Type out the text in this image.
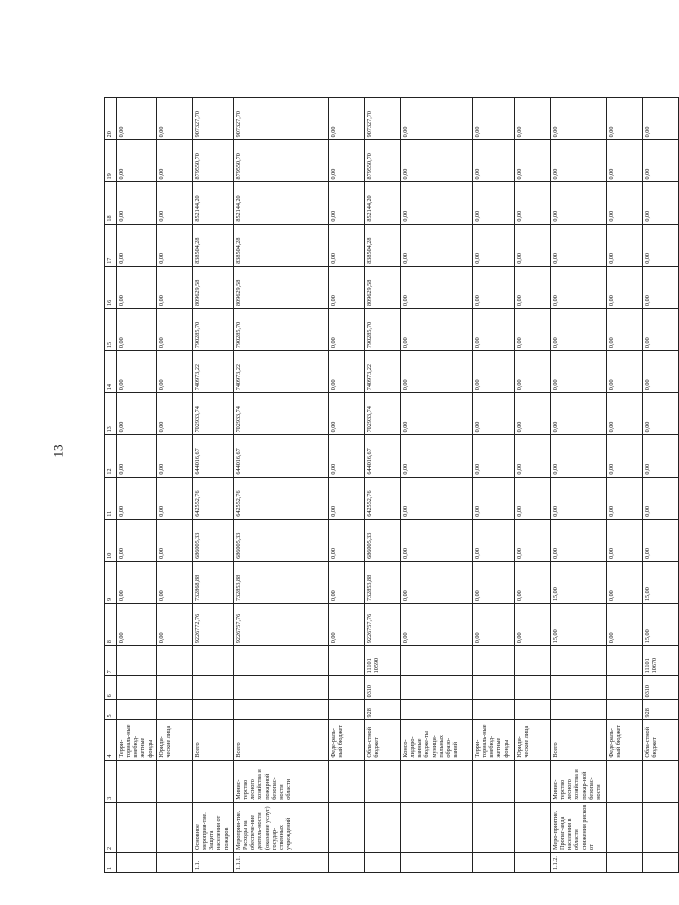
13
1	2	3	4	5	6	7	8	9	10	11	12	13	14	15	16	17	18	19	20
			Терри-ториаль-ные внебюд-жетные фонды				0,00	0,00	0,00	0,00	0,00	0,00	0,00	0,00	0,00	0,00	0,00	0,00	0,00
			Юриди-ческие лица				0,00	0,00	0,00	0,00	0,00	0,00	0,00	0,00	0,00	0,00	0,00	0,00	0,00
1.1.	Основное мероприя-тие. Защита населения от пожаров		Всего				9226772,76	732868,88	686005,33	642552,76	644016,67	702933,74	740973,22	790285,70	809629,58	838504,28	852144,20	879550,70	907327,70
1.1.1.	Мероприя-тие. Расходы на обеспече-ние деятель-ности (оказание услуг) государ-ственных учреждений	Минис-терство лесного хозяйства и пожарной безопас-ности области	Всего				9226757,76	732853,88	686005,33	642552,76	644016,67	702933,74	740973,22	790285,70	809629,58	838504,28	852144,20	879550,70	907327,70
			Феде-раль-ный бюджет				0,00	0,00	0,00	0,00	0,00	0,00	0,00	0,00	0,00	0,00	0,00	0,00	0,00
			Обла-стной бюджет	928	0310	11101 10590	9226757,76	732853,88	686005,33	642552,76	644016,67	702933,74	740973,22	790285,70	809629,58	838504,28	852144,20	879550,70	907327,70
			Консо-лидиро-ванные бюдже-ты муници-пальных образо-ваний				0,00	0,00	0,00	0,00	0,00	0,00	0,00	0,00	0,00	0,00	0,00	0,00	0,00
			Терри-ториаль-ные внебюд-жетные фонды				0,00	0,00	0,00	0,00	0,00	0,00	0,00	0,00	0,00	0,00	0,00	0,00	0,00
			Юриди-ческие лица				0,00	0,00	0,00	0,00	0,00	0,00	0,00	0,00	0,00	0,00	0,00	0,00	0,00
1.1.2.	Меро-приятие. Пропаг-анда населения в области снижения рисков от	Минис-терство лесного хозяйства и пожар-ной безопас-ности	Всего				15,00	15,00	0,00	0,00	0,00	0,00	0,00	0,00	0,00	0,00	0,00	0,00	0,00
			Феде-раль-ный бюджет				0,00	0,00	0,00	0,00	0,00	0,00	0,00	0,00	0,00	0,00	0,00	0,00	0,00
			Обла-стной бюджет	928	0310	11101 10670	15,00	15,00	0,00	0,00	0,00	0,00	0,00	0,00	0,00	0,00	0,00	0,00	0,00
